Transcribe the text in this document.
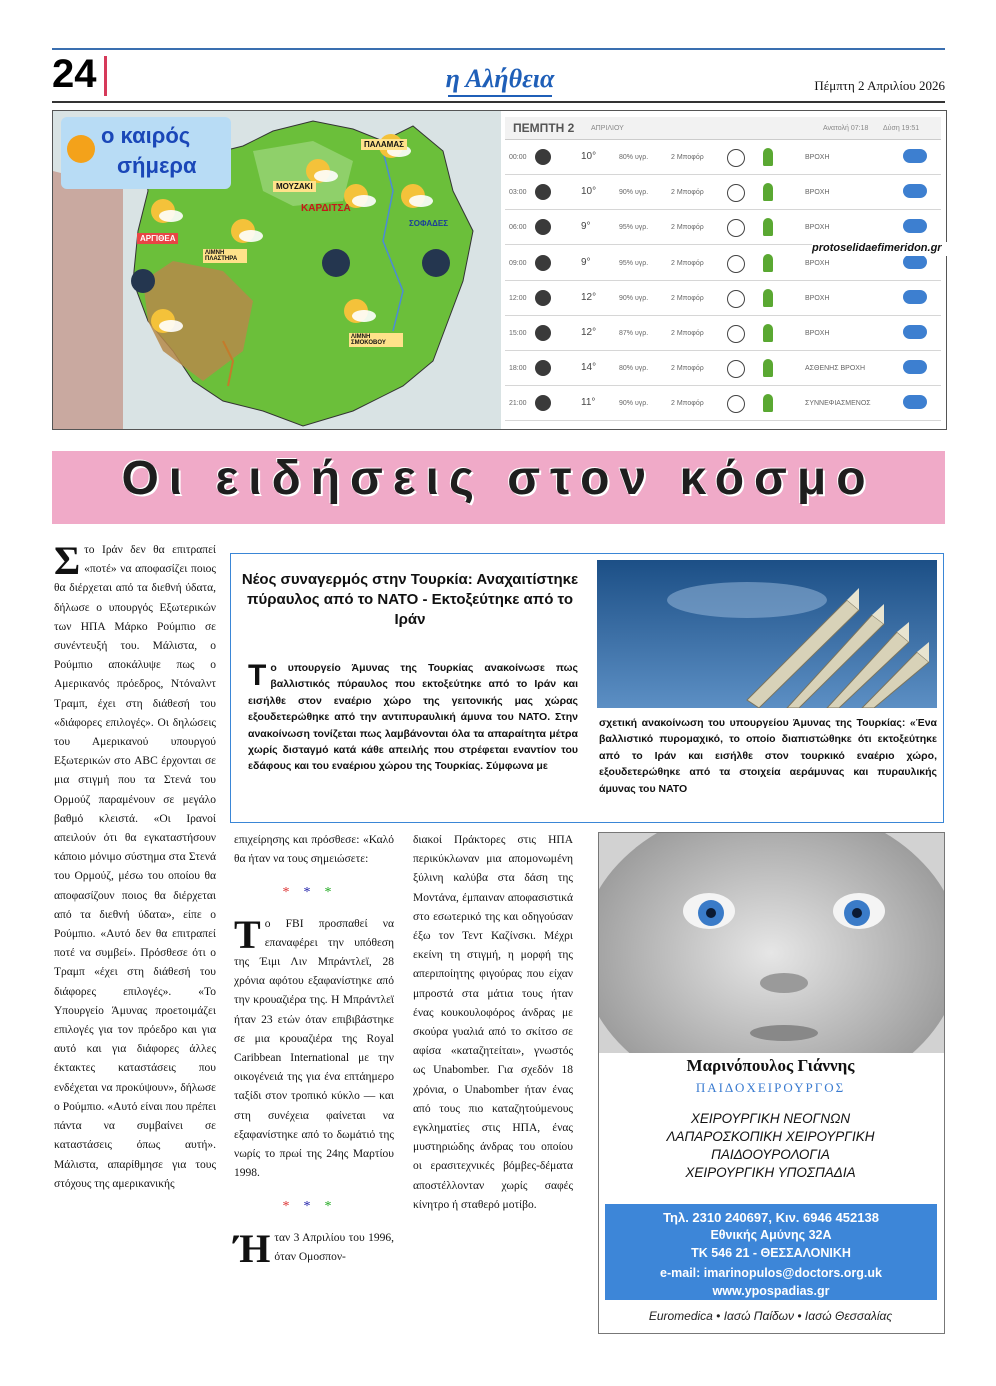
24	η Αλήθεια	Πέμπτη 2 Απριλίου 2026
ΠΑΛΑΜΑΣ
ΜΟΥΖΑΚΙ
ΚΑΡΔΙΤΣΑ
ΣΟΦΑΔΕΣ
ΑΡΓΙΘΕΑ
ΛΙΜΝΗ ΠΛΑΣΤΗΡΑ
ΛΙΜΝΗ ΣΜΟΚΟΒΟΥ
ο καιρός
σήμερα
ΠΕΜΠΤΗ 2 ΑΠΡΙΛΙΟΥ	Ανατολή 07:18 Δύση 19:51
00:00	10°	80% υγρ.	2 Μποφόρ	ΒΡΟΧΗ
03:00	10°	90% υγρ.	2 Μποφόρ	ΒΡΟΧΗ
06:00	9°	95% υγρ.	2 Μποφόρ	ΒΡΟΧΗ
09:00	9°	95% υγρ.	2 Μποφόρ	ΒΡΟΧΗ
12:00	12°	90% υγρ.	2 Μποφόρ	ΒΡΟΧΗ
15:00	12°	87% υγρ.	2 Μποφόρ	ΒΡΟΧΗ
18:00	14°	80% υγρ.	2 Μποφόρ	ΑΣΘΕΝΗΣ ΒΡΟΧΗ
21:00	11°	90% υγρ.	2 Μποφόρ	ΣΥΝΝΕΦΙΑΣΜΕΝΟΣ
protoselidaefimeridon.gr
Οι ειδήσεις στον κόσμο

Στο Ιράν δεν θα επιτραπεί «ποτέ» να αποφασίζει ποιος θα διέρχεται από τα διεθνή ύδατα, δήλωσε ο υπουργός Εξωτερικών των ΗΠΑ Μάρκο Ρούμπιο σε συνέντευξή του. Μάλιστα, ο Ρούμπιο αποκάλυψε πως ο Αμερικανός πρόεδρος, Ντόναλντ Τραμπ, έχει στη διάθεσή του «διάφορες επιλογές». Οι δηλώσεις του Αμερικανού υπουργού Εξωτερικών στο ABC έρχονται σε μια στιγμή που τα Στενά του Ορμούζ παραμένουν σε μεγάλο βαθμό κλειστά. «Οι Ιρανοί απειλούν ότι θα εγκαταστήσουν κάποιο μόνιμο σύστημα στα Στενά του Ορμούζ, μέσω του οποίου θα αποφασίζουν ποιος θα διέρχεται από τα διεθνή ύδατα», είπε ο Ρούμπιο. «Αυτό δεν θα επιτραπεί ποτέ να συμβεί». Πρόσθεσε ότι ο Τραμπ «έχει στη διάθεσή του διάφορες επιλογές». «Το Υπουργείο Άμυνας προετοιμάζει επιλογές για τον πρόεδρο και για αυτό και για διάφορες άλλες έκτακτες καταστάσεις που ενδέχεται να προκύψουν», δήλωσε ο Ρούμπιο. «Αυτό είναι που πρέπει πάντα να συμβαίνει σε καταστάσεις όπως αυτή». Μάλιστα, απαρίθμησε για τους στόχους της αμερικανικής

επιχείρησης και πρόσθεσε: «Καλό θα ήταν να τους σημειώσετε:

***

Το FBI προσπαθεί να επαναφέρει την υπόθεση της Έιμι Λιν Μπράντλεϊ, 28 χρόνια αφότου εξαφανίστηκε από την κρουαζιέρα της. Η Μπράντλεϊ ήταν 23 ετών όταν επιβιβάστηκε σε μια κρουαζιέρα της Royal Caribbean International με την οικογένειά της για ένα επτάημερο ταξίδι στον τροπικό κύκλο — και στη συνέχεια φαίνεται να εξαφανίστηκε από το δωμάτιό της νωρίς το πρωί της 24ης Μαρτίου 1998.

***

Ήταν 3 Απριλίου του 1996, όταν Ομοσπον-

διακοί Πράκτορες στις ΗΠΑ περικύκλωναν μια απομονωμένη ξύλινη καλύβα στα δάση της Μοντάνα, έμπαιναν αποφασιστικά στο εσωτερικό της και οδηγούσαν έξω τον Τεντ Καζίνσκι. Μέχρι εκείνη τη στιγμή, η μορφή της απεριποίητης φιγούρας που είχαν μπροστά στα μάτια τους ήταν ένας κουκουλοφόρος άνδρας με σκούρα γυαλιά από το σκίτσο σε αφίσα «καταζητείται», γνωστός ως Unabomber. Για σχεδόν 18 χρόνια, ο Unabomber ήταν ένας από τους πιο καταζητούμενους εγκληματίες στις ΗΠΑ, ένας μυστηριώδης άνδρας του οποίου οι ερασιτεχνικές βόμβες-δέματα αποστέλλονταν χωρίς σαφές κίνητρο ή σταθερό μοτίβο.

Νέος συναγερμός στην Τουρκία: Αναχαιτίστηκε πύραυλος από το ΝΑΤΟ - Εκτοξεύτηκε από το Ιράν
Το υπουργείο Άμυνας της Τουρκίας ανακοίνωσε πως βαλλιστικός πύραυλος που εκτοξεύτηκε από το Ιράν και εισήλθε στον εναέριο χώρο της γειτονικής μας χώρας εξουδετερώθηκε από την αντιπυραυλική άμυνα του ΝΑΤΟ. Στην ανακοίνωση τονίζεται πως λαμβάνονται όλα τα απαραίτητα μέτρα χωρίς δισταγμό κατά κάθε απειλής που στρέφεται εναντίον του εδάφους και του εναέριου χώρου της Τουρκίας. Σύμφωνα με
σχετική ανακοίνωση του υπουργείου Άμυνας της Τουρκίας: «Ένα βαλλιστικό πυρομαχικό, το οποίο διαπιστώθηκε ότι εκτοξεύτηκε από το Ιράν και εισήλθε στον τουρκικό εναέριο χώρο, εξουδετερώθηκε από τα στοιχεία αεράμυνας και πυραυλικής άμυνας του ΝΑΤΟ
Μαρινόπουλος Γιάννης
ΠΑΙΔΟΧΕΙΡΟΥΡΓΟΣ
ΧΕΙΡΟΥΡΓΙΚΗ ΝΕΟΓΝΩΝ
ΛΑΠΑΡΟΣΚΟΠΙΚΗ ΧΕΙΡΟΥΡΓΙΚΗ
ΠΑΙΔΟΟΥΡΟΛΟΓΙΑ
ΧΕΙΡΟΥΡΓΙΚΗ ΥΠΟΣΠΑΔΙΑ
Τηλ. 2310 240697, Κιν. 6946 452138
Εθνικής Αμύνης 32Α
ΤΚ 546 21 - ΘΕΣΣΑΛΟΝΙΚΗ
e-mail: imarinopulos@doctors.org.uk
www.ypospadias.gr
Euromedica • Ιασώ Παίδων • Ιασώ Θεσσαλίας
